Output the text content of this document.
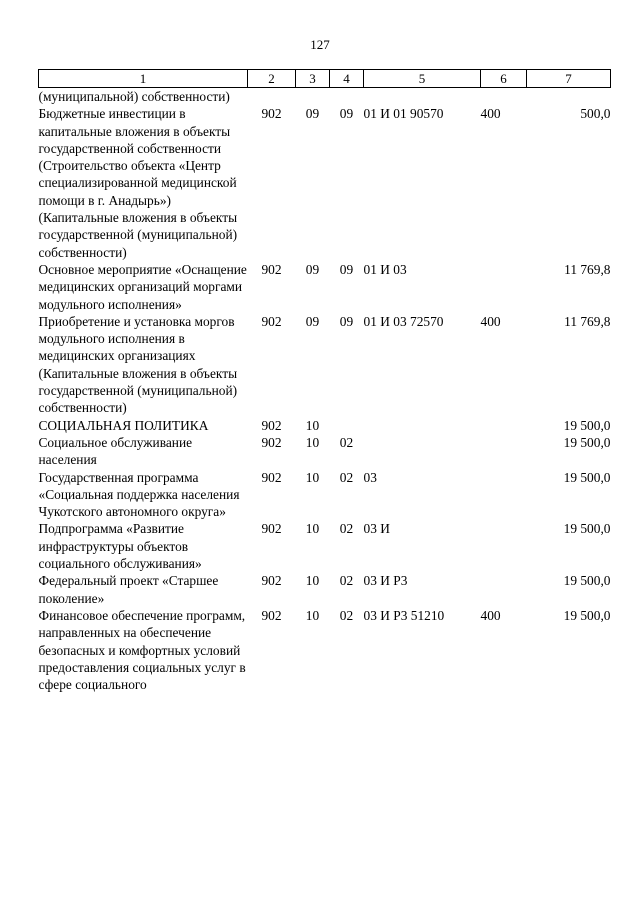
127
1	2	3	4	5	6	7
(муниципальной) собственности)						
Бюджетные инвестиции в капитальные вложения в объекты государственной собственности (Строительство объекта «Центр специализированной медицинской помощи в г. Анадырь») (Капитальные вложения в объекты государственной (муниципальной) собственности)	902	09	09	01 И 01 90570	400	500,0
Основное мероприятие «Оснащение медицинских организаций моргами модульного исполнения»	902	09	09	01 И 03		11 769,8
Приобретение и установка моргов модульного исполнения в медицинских организациях (Капитальные вложения в объекты государственной (муниципальной) собственности)	902	09	09	01 И 03 72570	400	11 769,8
СОЦИАЛЬНАЯ ПОЛИТИКА	902	10				19 500,0
Социальное обслуживание населения	902	10	02			19 500,0
Государственная программа «Социальная поддержка населения Чукотского автономного округа»	902	10	02	03		19 500,0
Подпрограмма «Развитие инфраструктуры объектов социального обслуживания»	902	10	02	03 И		19 500,0
Федеральный проект «Старшее поколение»	902	10	02	03 И Р3		19 500,0
Финансовое обеспечение программ, направленных на обеспечение безопасных и комфортных условий предоставления социальных услуг в сфере социального	902	10	02	03 И Р3 51210	400	19 500,0
